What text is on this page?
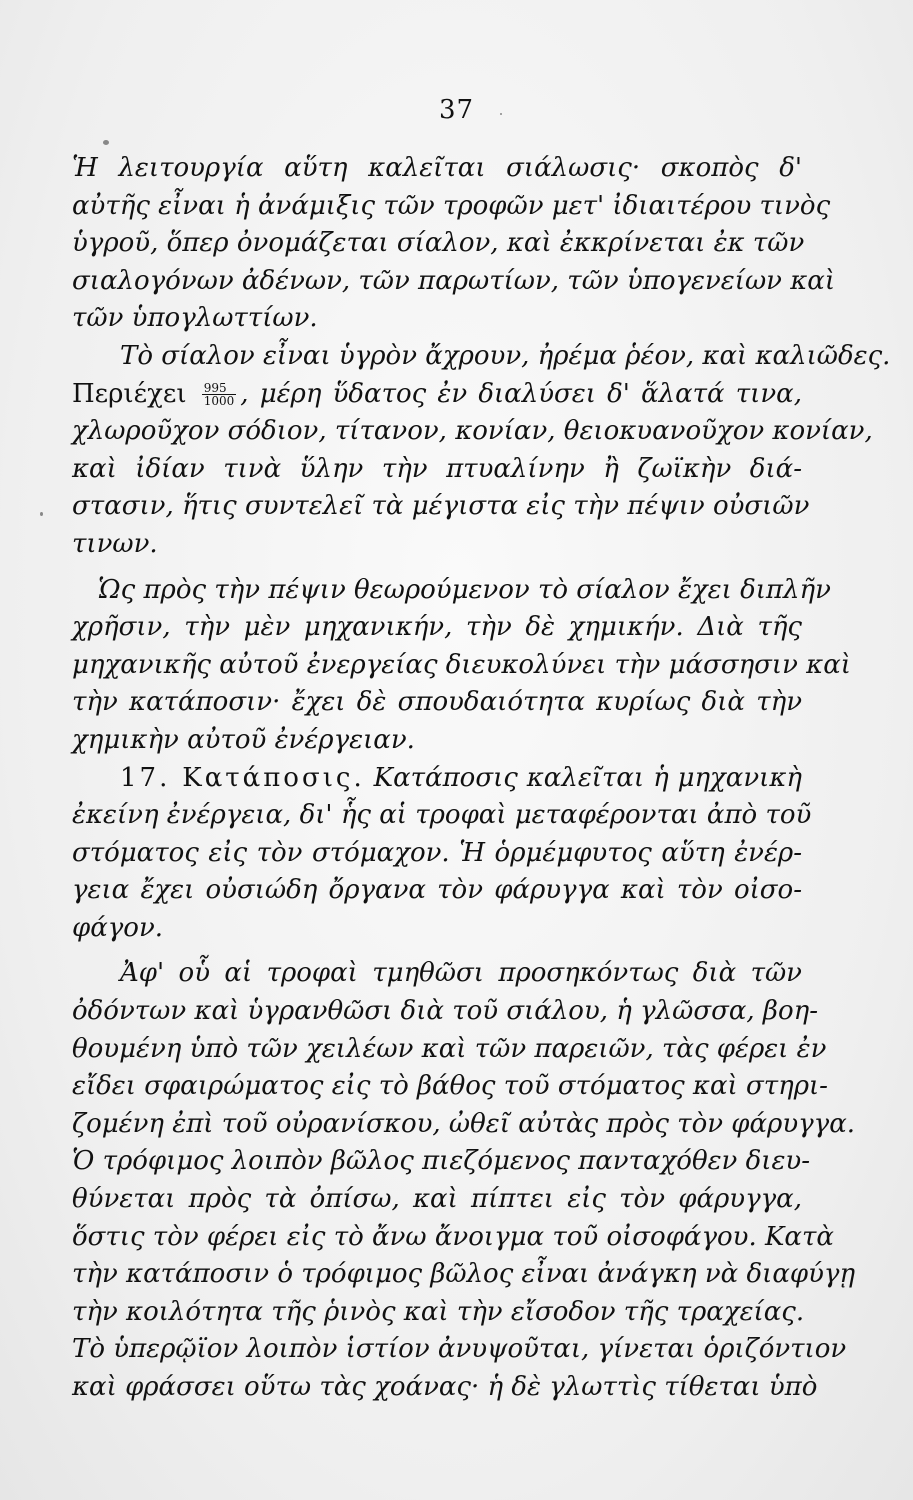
37
Ἡ λειτουργία αὕτη καλεῖται σιάλωσις· σκοπὸς δ'
αὐτῆς εἶναι ἡ ἀνάμιξις τῶν τροφῶν μετ' ἰδιαιτέρου τινὸς
ὑγροῦ, ὅπερ ὀνομάζεται σίαλον, καὶ ἐκκρίνεται ἐκ τῶν
σιαλογόνων ἀδένων, τῶν παρωτίων, τῶν ὑπογενείων καὶ
τῶν ὑπογλωττίων.
Τὸ σίαλον εἶναι ὑγρὸν ἄχρουν, ἠρέμα ῥέον, καὶ καλιῶδες.
Περιέχει $\frac{995}{1000}$ , μέρη ὕδατος ἐν διαλύσει δ' ἅλατά τινα,
χλωροῦχον σόδιον, τίτανον, κονίαν, θειοκυανοῦχον κονίαν,
καὶ ἰδίαν τινὰ ὕλην τὴν πτυαλίνην ἢ ζωϊκὴν διά-
στασιν, ἥτις συντελεῖ τὰ μέγιστα εἰς τὴν πέψιν οὐσιῶν
τινων.
Ὡς πρὸς τὴν πέψιν θεωρούμενον τὸ σίαλον ἔχει διπλῆν
χρῆσιν, τὴν μὲν μηχανικήν, τὴν δὲ χημικήν. Διὰ τῆς
μηχανικῆς αὐτοῦ ἐνεργείας διευκολύνει τὴν μάσσησιν καὶ
τὴν κατάποσιν· ἔχει δὲ σπουδαιότητα κυρίως διὰ τὴν
χημικὴν αὐτοῦ ἐνέργειαν.
17. Κατάποσις. Κατάποσις καλεῖται ἡ μηχανικὴ
ἐκείνη ἐνέργεια, δι' ἧς αἱ τροφαὶ μεταφέρονται ἀπὸ τοῦ
στόματος εἰς τὸν στόμαχον. Ἡ ὁρμέμφυτος αὕτη ἐνέρ-
γεια ἔχει οὐσιώδη ὄργανα τὸν φάρυγγα καὶ τὸν οἰσο-
φάγον.
Ἀφ' οὗ αἱ τροφαὶ τμηθῶσι προσηκόντως διὰ τῶν
ὀδόντων καὶ ὑγρανθῶσι διὰ τοῦ σιάλου, ἡ γλῶσσα, βοη-
θουμένη ὑπὸ τῶν χειλέων καὶ τῶν παρειῶν, τὰς φέρει ἐν
εἴδει σφαιρώματος εἰς τὸ βάθος τοῦ στόματος καὶ στηρι-
ζομένη ἐπὶ τοῦ οὐρανίσκου, ὠθεῖ αὐτὰς πρὸς τὸν φάρυγγα.
Ὁ τρόφιμος λοιπὸν βῶλος πιεζόμενος πανταχόθεν διευ-
θύνεται πρὸς τὰ ὀπίσω, καὶ πίπτει εἰς τὸν φάρυγγα,
ὅστις τὸν φέρει εἰς τὸ ἄνω ἄνοιγμα τοῦ οἰσοφάγου. Κατὰ
τὴν κατάποσιν ὁ τρόφιμος βῶλος εἶναι ἀνάγκη νὰ διαφύγῃ
τὴν κοιλότητα τῆς ῥινὸς καὶ τὴν εἴσοδον τῆς τραχείας.
Τὸ ὑπερῷϊον λοιπὸν ἱστίον ἀνυψοῦται, γίνεται ὁριζόντιον
καὶ φράσσει οὕτω τὰς χοάνας· ἡ δὲ γλωττὶς τίθεται ὑπὸ
